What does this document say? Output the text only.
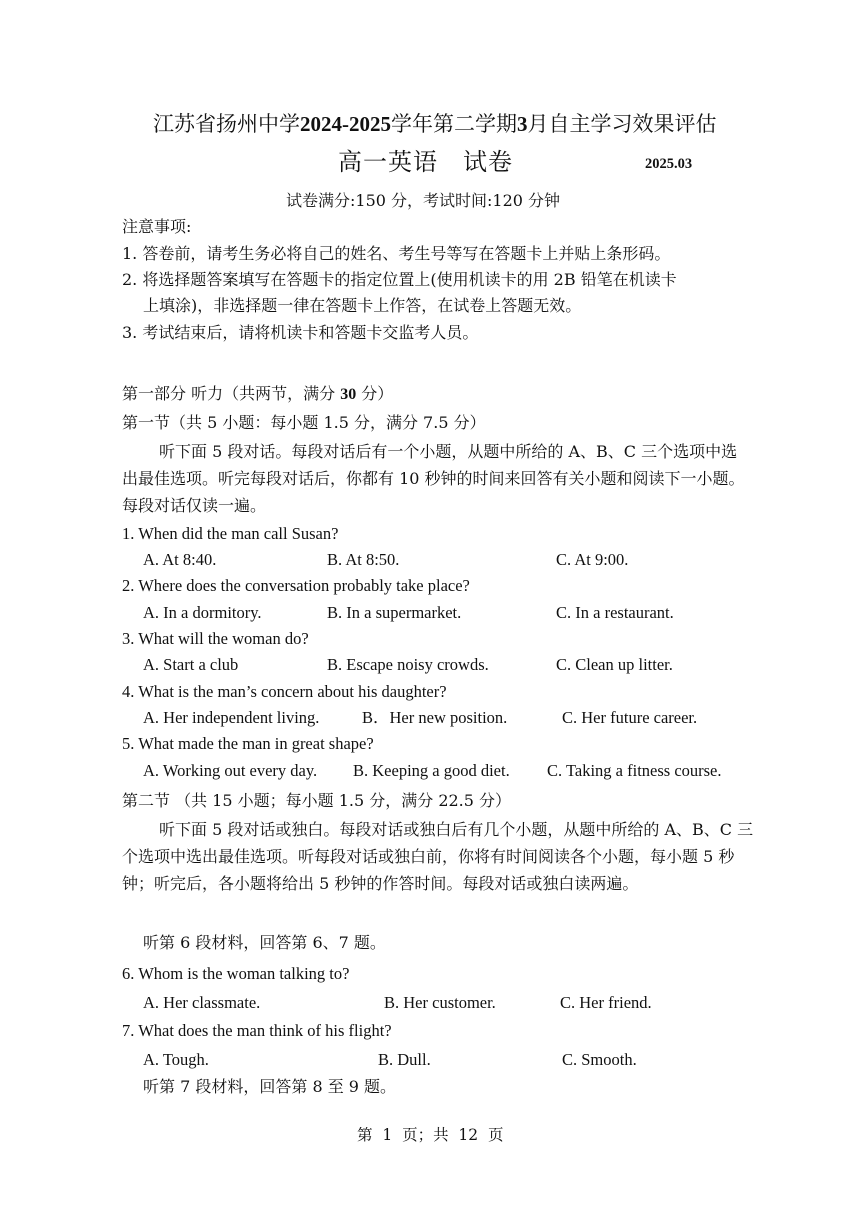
江苏省扬州中学2024-2025学年第二学期3月自主学习效果评估
高一英语　试卷	2025.03
试卷满分:150 分，考试时间:120 分钟
注意事项:
1. 答卷前，请考生务必将自己的姓名、考生号等写在答题卡上并贴上条形码。
2. 将选择题答案填写在答题卡的指定位置上(使用机读卡的用 2B 铅笔在机读卡
上填涂)，非选择题一律在答题卡上作答，在试卷上答题无效。
3. 考试结束后，请将机读卡和答题卡交监考人员。
第一部分 听力（共两节，满分 30 分）
第一节（共 5 小题：每小题 1.5 分，满分 7.5 分）
听下面 5 段对话。每段对话后有一个小题，从题中所给的 A、B、C 三个选项中选出最佳选项。听完每段对话后，你都有 10 秒钟的时间来回答有关小题和阅读下一小题。每段对话仅读一遍。
1. When did the man call Susan?
A. At 8:40.	B. At 8:50.	C. At 9:00.
2. Where does the conversation probably take place?
A. In a dormitory.	B. In a supermarket.	C. In a restaurant.
3. What will the woman do?
A. Start a club	B. Escape noisy crowds.	C. Clean up litter.
4. What is the man’s concern about his daughter?
A. Her independent living.	B．Her new position.	C. Her future career.
5. What made the man in great shape?
A. Working out every day. B. Keeping a good diet. C. Taking a fitness course.
第二节 （共 15 小题；每小题 1.5 分，满分 22.5 分）
听下面 5 段对话或独白。每段对话或独白后有几个小题，从题中所给的 A、B、C 三个选项中选出最佳选项。听每段对话或独白前，你将有时间阅读各个小题，每小题 5 秒钟；听完后，各小题将给出 5 秒钟的作答时间。每段对话或独白读两遍。
听第 6 段材料，回答第 6、7 题。
6. Whom is the woman talking to?
A. Her classmate.	B. Her customer.	C. Her friend.
7. What does the man think of his flight?
A. Tough.	B. Dull.	C. Smooth.
听第 7 段材料，回答第 8 至 9 题。
第  1  页；共  12  页
